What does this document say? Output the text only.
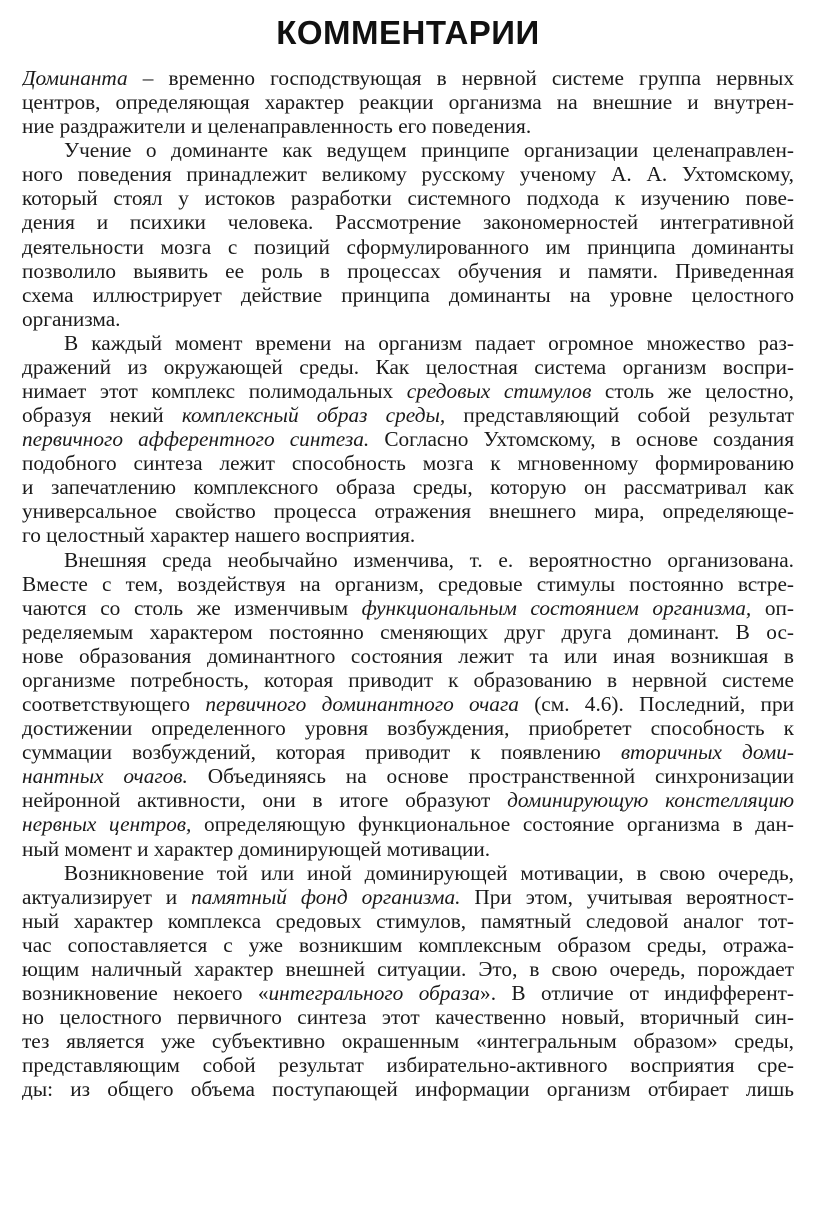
КОММЕНТАРИИ
Доминанта – временно господствующая в нервной системе группа нервных
центров, определяющая характер реакции организма на внешние и внутрен-
ние раздражители и целенаправленность его поведения.
Учение о доминанте как ведущем принципе организации целенаправлен-
ного поведения принадлежит великому русскому ученому А. А. Ухтомскому,
который стоял у истоков разработки системного подхода к изучению пове-
дения и психики человека. Рассмотрение закономерностей интегративной
деятельности мозга с позиций сформулированного им принципа доминанты
позволило выявить ее роль в процессах обучения и памяти. Приведенная
схема иллюстрирует действие принципа доминанты на уровне целостного
организма.
В каждый момент времени на организм падает огромное множество раз-
дражений из окружающей среды. Как целостная система организм воспри-
нимает этот комплекс полимодальных средовых стимулов столь же целостно,
образуя некий комплексный образ среды, представляющий собой результат
первичного афферентного синтеза. Согласно Ухтомскому, в основе создания
подобного синтеза лежит способность мозга к мгновенному формированию
и запечатлению комплексного образа среды, которую он рассматривал как
универсальное свойство процесса отражения внешнего мира, определяюще-
го целостный характер нашего восприятия.
Внешняя среда необычайно изменчива, т. е. вероятностно организована.
Вместе с тем, воздействуя на организм, средовые стимулы постоянно встре-
чаются со столь же изменчивым функциональным состоянием организма, оп-
ределяемым характером постоянно сменяющих друг друга доминант. В ос-
нове образования доминантного состояния лежит та или иная возникшая в
организме потребность, которая приводит к образованию в нервной системе
соответствующего первичного доминантного очага (см. 4.6). Последний, при
достижении определенного уровня возбуждения, приобретет способность к
суммации возбуждений, которая приводит к появлению вторичных доми-
нантных очагов. Объединяясь на основе пространственной синхронизации
нейронной активности, они в итоге образуют доминирующую констелляцию
нервных центров, определяющую функциональное состояние организма в дан-
ный момент и характер доминирующей мотивации.
Возникновение той или иной доминирующей мотивации, в свою очередь,
актуализирует и памятный фонд организма. При этом, учитывая вероятност-
ный характер комплекса средовых стимулов, памятный следовой аналог тот-
час сопоставляется с уже возникшим комплексным образом среды, отража-
ющим наличный характер внешней ситуации. Это, в свою очередь, порождает
возникновение некоего «интегрального образа». В отличие от индифферент-
но целостного первичного синтеза этот качественно новый, вторичный син-
тез является уже субъективно окрашенным «интегральным образом» среды,
представляющим собой результат избирательно-активного восприятия сре-
ды: из общего объема поступающей информации организм отбирает лишь
